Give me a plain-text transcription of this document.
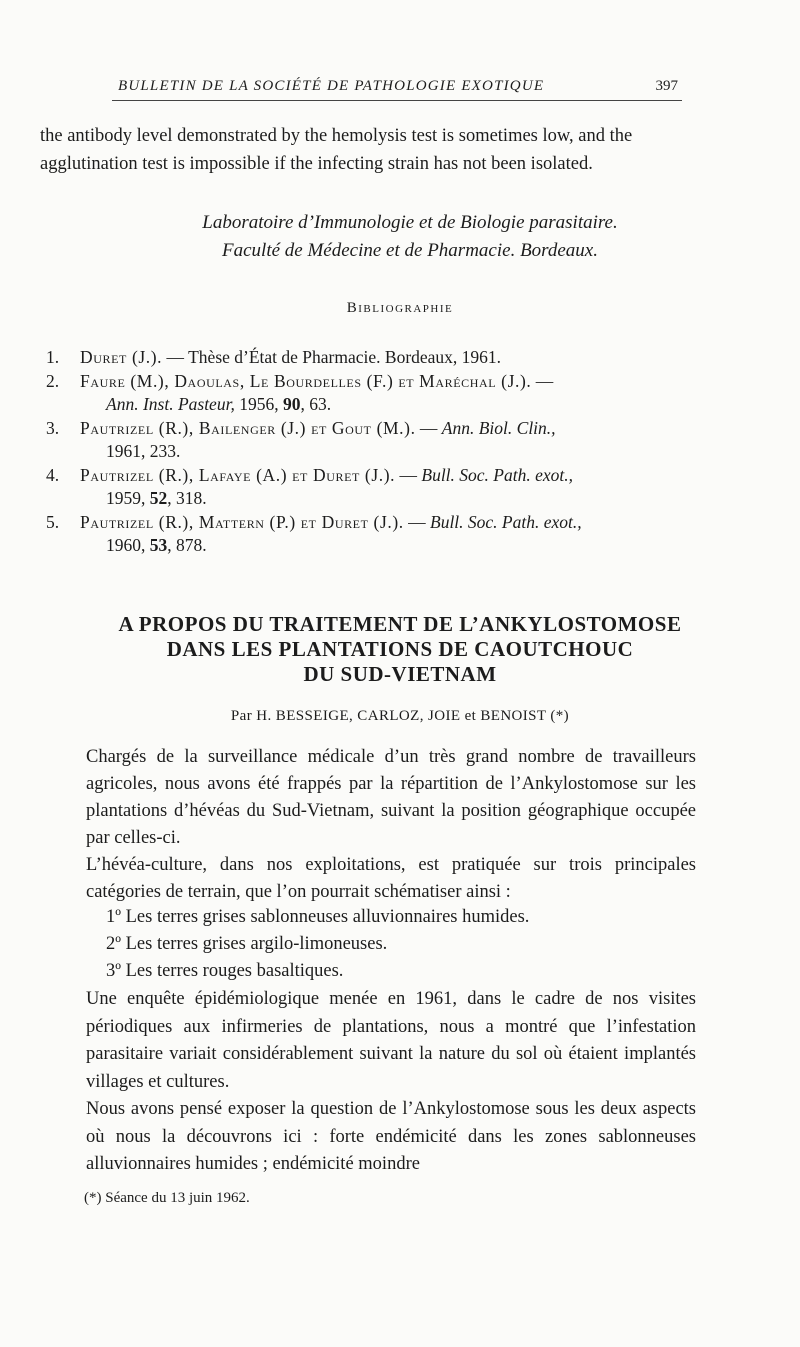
BULLETIN DE LA SOCIÉTÉ DE PATHOLOGIE EXOTIQUE	397
the antibody level demonstrated by the hemolysis test is sometimes low, and the agglutination test is impossible if the infecting strain has not been isolated.
Laboratoire d’Immunologie et de Biologie parasitaire.
Faculté de Médecine et de Pharmacie. Bordeaux.
Bibliographie
1. Duret (J.). — Thèse d’État de Pharmacie. Bordeaux, 1961.
2. Faure (M.), Daoulas, Le Bourdelles (F.) et Maréchal (J.). —
Ann. Inst. Pasteur, 1956, 90, 63.
3. Pautrizel (R.), Bailenger (J.) et Gout (M.). — Ann. Biol. Clin.,
1961, 233.
4. Pautrizel (R.), Lafaye (A.) et Duret (J.). — Bull. Soc. Path. exot.,
1959, 52, 318.
5. Pautrizel (R.), Mattern (P.) et Duret (J.). — Bull. Soc. Path. exot.,
1960, 53, 878.
A PROPOS DU TRAITEMENT DE L’ANKYLOSTOMOSE
DANS LES PLANTATIONS DE CAOUTCHOUC
DU SUD-VIETNAM
Par H. BESSEIGE, CARLOZ, JOIE et BENOIST (*)

Chargés de la surveillance médicale d’un très grand nombre de travailleurs agricoles, nous avons été frappés par la répartition de l’Ankylostomose sur les plantations d’hévéas du Sud-Vietnam, suivant la position géographique occupée par celles-ci.

L’hévéa-culture, dans nos exploitations, est pratiquée sur trois principales catégories de terrain, que l’on pourrait schématiser ainsi :

1º Les terres grises sablonneuses alluvionnaires humides.
2º Les terres grises argilo-limoneuses.
3º Les terres rouges basaltiques.

Une enquête épidémiologique menée en 1961, dans le cadre de nos visites périodiques aux infirmeries de plantations, nous a montré que l’infestation parasitaire variait considérablement suivant la nature du sol où étaient implantés villages et cultures.

Nous avons pensé exposer la question de l’Ankylostomose sous les deux aspects où nous la découvrons ici : forte endémicité dans les zones sablonneuses alluvionnaires humides ; endémicité moindre

(*) Séance du 13 juin 1962.
